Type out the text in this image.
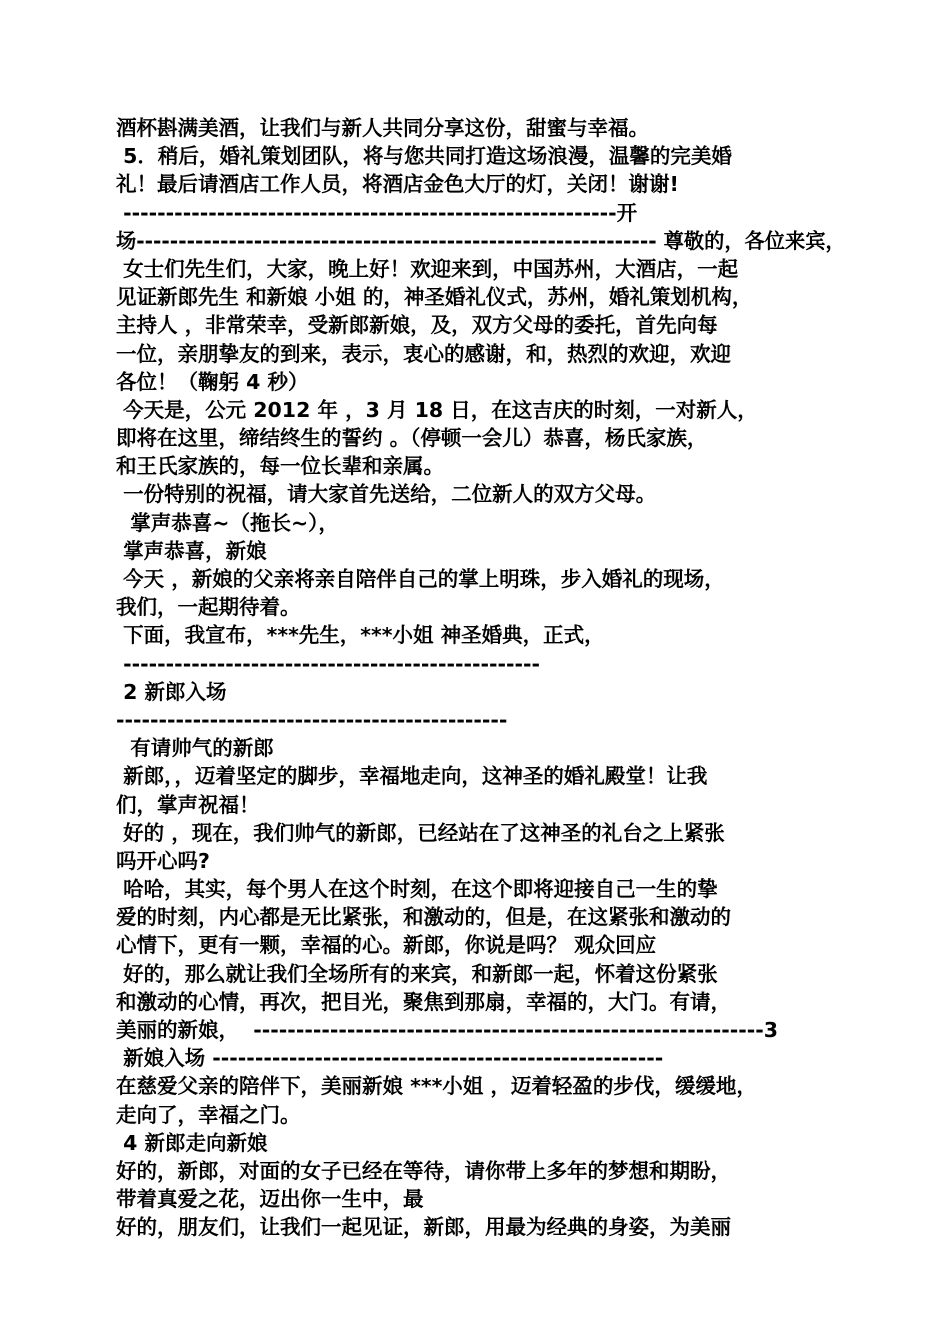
酒杯斟满美酒，让我们与新人共同分享这份，甜蜜与幸福。
5．稍后，婚礼策划团队，将与您共同打造这场浪漫，温馨的完美婚
礼！最后请酒店工作人员，将酒店金色大厅的灯，关闭！谢谢!
----------------------------------------------------------开
场-------------------------------------------------------------- 尊敬的，各位来宾，
女士们先生们，大家，晚上好！欢迎来到，中国苏州，大酒店，一起
见证新郎先生 和新娘 小姐 的，神圣婚礼仪式，苏州，婚礼策划机构，
主持人 ，非常荣幸，受新郎新娘，及，双方父母的委托，首先向每
一位，亲朋挚友的到来，表示，衷心的感谢，和，热烈的欢迎，欢迎
各位！（鞠躬 4 秒）
今天是，公元 2012 年 ，3 月 18 日，在这吉庆的时刻，一对新人，
即将在这里，缔结终生的誓约 。（停顿一会儿）恭喜，杨氏家族，
和王氏家族的，每一位长辈和亲属。
一份特别的祝福，请大家首先送给，二位新人的双方父母。
掌声恭喜~（拖长~），
掌声恭喜，新娘
今天 ，新娘的父亲将亲自陪伴自己的掌上明珠，步入婚礼的现场，
我们，一起期待着。
下面，我宣布，***先生，***小姐 神圣婚典，正式，
-------------------------------------------------
2 新郎入场
----------------------------------------------
有请帅气的新郎
新郎，，迈着坚定的脚步，幸福地走向，这神圣的婚礼殿堂！让我
们，掌声祝福！
好的 ，现在，我们帅气的新郎，已经站在了这神圣的礼台之上紧张
吗开心吗?
哈哈，其实，每个男人在这个时刻，在这个即将迎接自己一生的挚
爱的时刻，内心都是无比紧张，和激动的，但是，在这紧张和激动的
心情下，更有一颗，幸福的心。新郎，你说是吗？ 观众回应
好的，那么就让我们全场所有的来宾，和新郎一起，怀着这份紧张
和激动的心情，再次，把目光，聚焦到那扇，幸福的，大门。有请，
美丽的新娘，  ------------------------------------------------------------3
新娘入场 -----------------------------------------------------
在慈爱父亲的陪伴下，美丽新娘 ***小姐 ，迈着轻盈的步伐，缓缓地，
走向了，幸福之门。
4 新郎走向新娘
好的，新郎，对面的女子已经在等待，请你带上多年的梦想和期盼，
带着真爱之花，迈出你一生中，最
好的，朋友们，让我们一起见证，新郎，用最为经典的身姿，为美丽
